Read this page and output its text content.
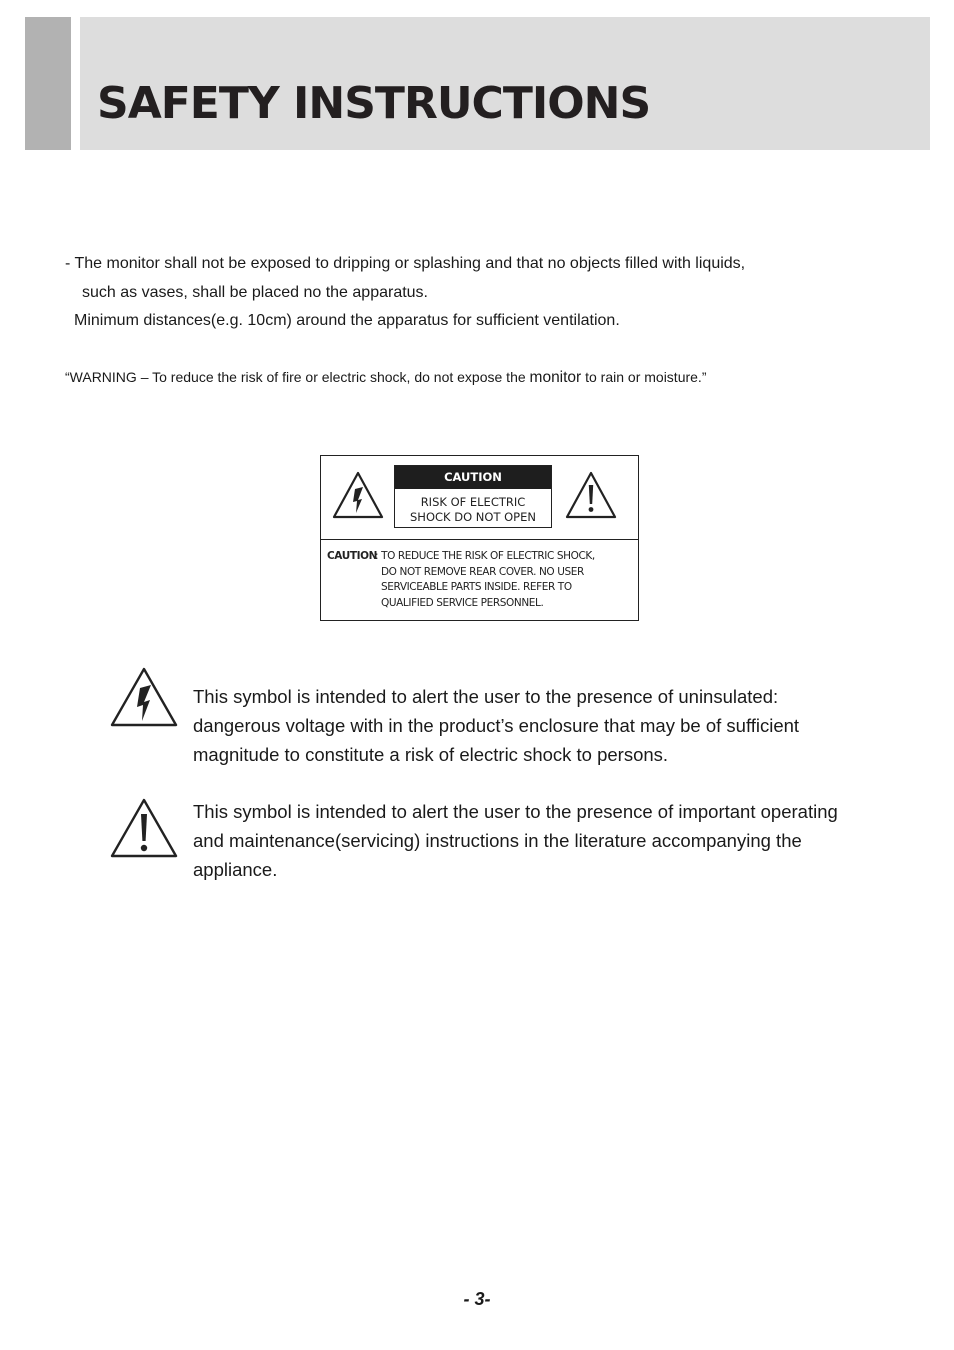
SAFETY INSTRUCTIONS

- The monitor shall not be exposed to dripping or splashing and that no objects filled with liquids,
such as vases, shall be placed no the apparatus.
Minimum distances(e.g. 10cm) around the apparatus for sufficient ventilation.

“WARNING – To reduce the risk of fire or electric shock, do not expose the monitor to rain or moisture.”

CAUTION
RISK OF ELECTRIC
SHOCK DO NOT OPEN
CAUTION
: TO REDUCE THE RISK OF ELECTRIC SHOCK,
DO NOT REMOVE REAR COVER. NO USER
SERVICEABLE PARTS INSIDE. REFER TO
QUALIFIED SERVICE PERSONNEL.

This symbol is intended to alert the user to the presence of uninsulated:
dangerous voltage with in the product’s enclosure that may be of sufficient
magnitude to constitute a risk of electric shock to persons.

This symbol is intended to alert the user to the presence of important operating
and maintenance(servicing) instructions in the literature accompanying the
appliance.

- 3-
